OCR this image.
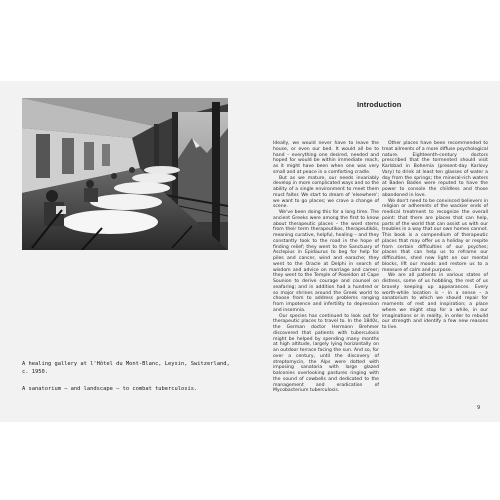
A healing gallery at l'Hôtel du Mont-Blanc, Leysin, Switzerland, c. 1950.

A sanatorium – and landscape – to combat tuberculosis.

Introduction

Ideally, we would never have to leave the house, or even our bed. It would all be to hand – everything one desired, needed and hoped for would be within immediate reach, as it might have been when one was very small and at peace in a comforting cradle.

But as we mature, our needs invariably develop in more complicated ways and so the ability of a single environment to meet them must falter. We start to dream of 'elsewhere'; we want to go places; we crave a change of scene.

We've been doing this for a long time. The ancient Greeks were among the first to know about therapeutic places – the word stems from their term therapeutikos, therapeutikós, meaning curative, helpful, healing – and they constantly took to the road in the hope of finding relief; they went to the Sanctuary of Asclepius in Epidaurus to beg for help for piles and cancer, wind and earache; they went to the Oracle at Delphi in search of wisdom and advice on marriage and career; they went to the Temple of Poseidon at Cape Sounion to derive courage and counsel on seafaring; and in addition had a hundred or so major shrines around the Greek world to choose from to address problems ranging from impotence and infertility to depression and insomnia.

Our species has continued to look out for therapeutic places to travel to. In the 1840s, the German doctor Hermann Brehmer discovered that patients with tuberculosis might be helped by spending many months at high altitude, largely lying horizontally on an outdoor terrace facing the sun. And so, for over a century, until the discovery of streptomycin, the Alps were dotted with imposing sanatoria with large glazed balconies overlooking pastures ringing with the sound of cowbells and dedicated to the management and eradication of Mycobacterium tuberculosis.

Other places have been recommended to treat ailments of a more diffuse psychological nature. Eighteenth-century doctors prescribed that the tormented should visit Karlsbad in Bohemia (present-day Karlovy Vary) to drink at least ten glasses of water a day from the springs; the mineral-rich waters at Baden Baden were reputed to have the power to console the childless and those abandoned in love.

We don't need to be convinced believers in religion or adherents of the wackier ends of medical treatment to recognize the overall point: that there are places that can help, parts of the world that can assist us with our troubles in a way that our own homes cannot. This book is a compendium of therapeutic places that may offer us a holiday or respite from certain difficulties of our psyches; places that can help us to reframe our difficulties, shed new light on our mental blocks, lift our moods and restore us to a measure of calm and purpose.

We are all patients in various states of distress, some of us hobbling, the rest of us bravely keeping up appearances. Every worth-while location is – in a sense – a sanatorium to which we should repair for moments of rest and inspiration; a place where we might stop for a while, in our imaginations or in reality, in order to rebuild our strength and identify a few new reasons to live.

9
